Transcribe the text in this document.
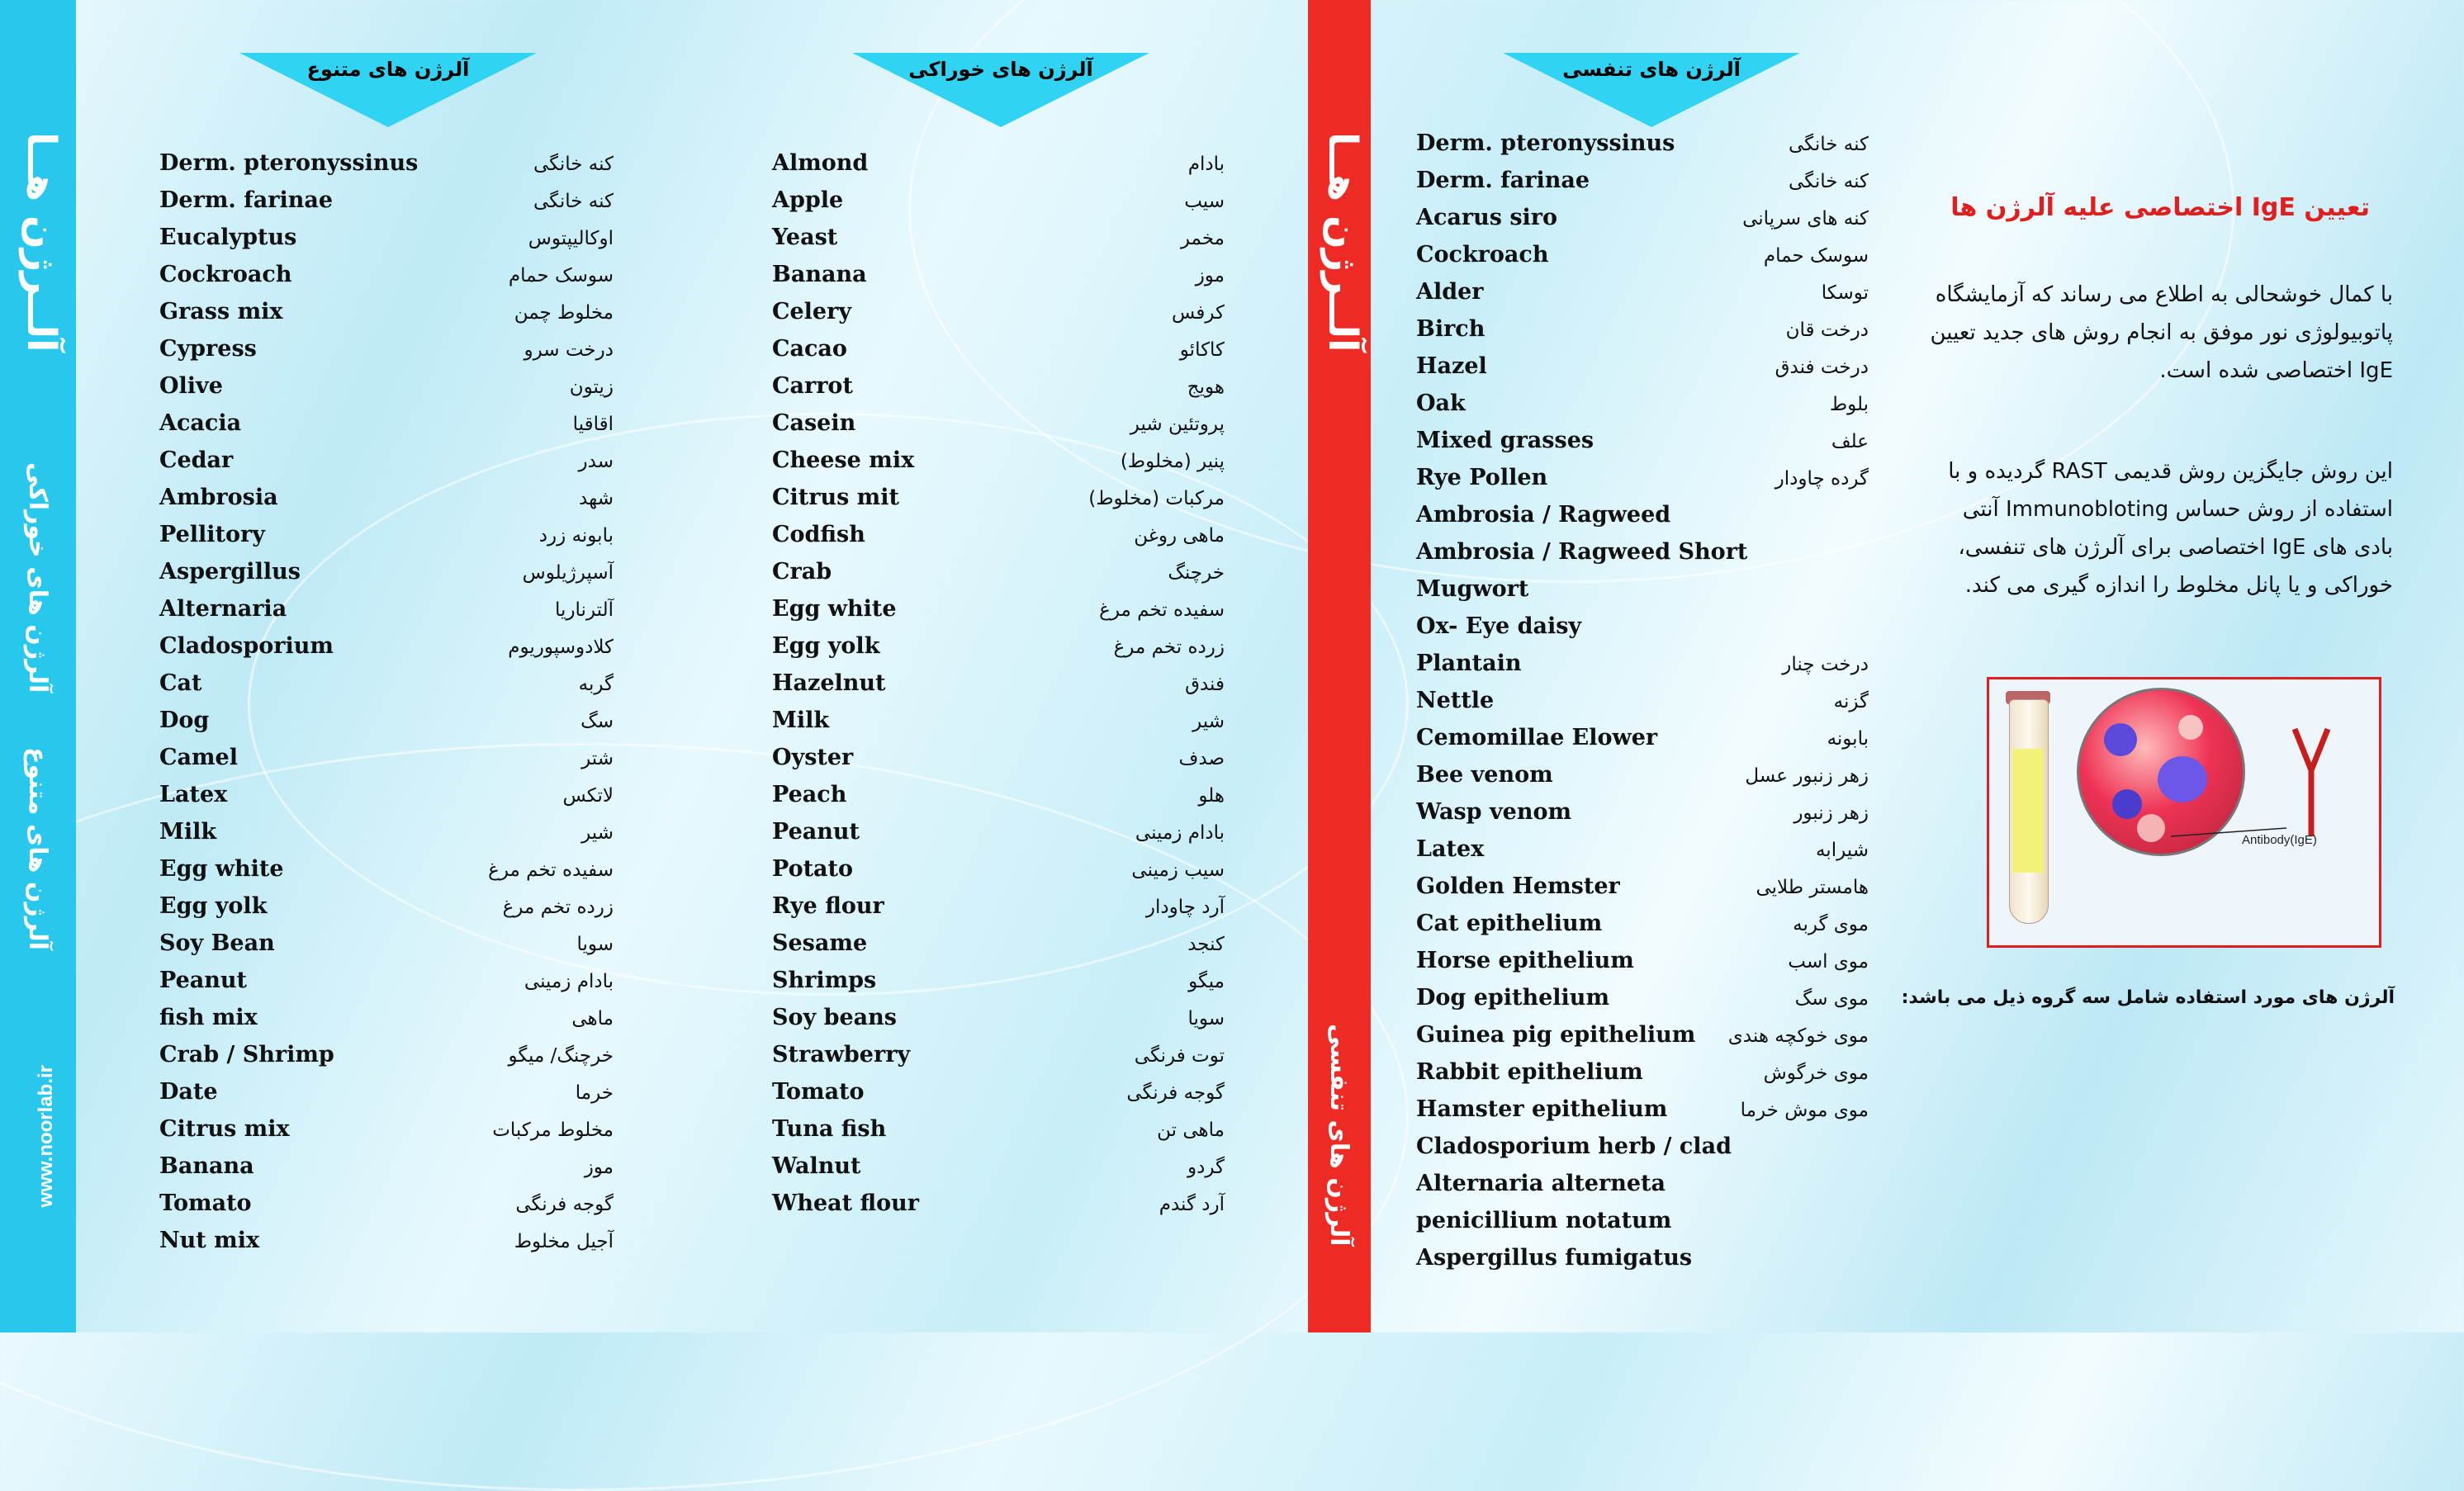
آلــرژن هــا
آلرژن های خوراکی
آلرژن های متنوع
www.noorlab.ir
آلــرژن هــا
آلرژن های تنفسی
آلرژن های متنوع	آلرژن های خوراکی	آلرژن های تنفسی
Derm. pteronyssinus	کنه خانگی
Derm. farinae	کنه خانگی
Eucalyptus	اوکالیپتوس
Cockroach	سوسک حمام
Grass mix	مخلوط چمن
Cypress	درخت سرو
Olive	زیتون
Acacia	اقاقیا
Cedar	سدر
Ambrosia	شهد
Pellitory	بابونه زرد
Aspergillus	آسپرژیلوس
Alternaria	آلترناریا
Cladosporium	کلادوسپوریوم
Cat	گربه
Dog	سگ
Camel	شتر
Latex	لاتکس
Milk	شیر
Egg white	سفیده تخم مرغ
Egg yolk	زرده تخم مرغ
Soy Bean	سویا
Peanut	بادام زمینی
fish mix	ماهی
Crab / Shrimp	خرچنگ/ میگو
Date	خرما
Citrus mix	مخلوط مرکبات
Banana	موز
Tomato	گوجه فرنگی
Nut mix	آجیل مخلوط
Almond	بادام
Apple	سیب
Yeast	مخمر
Banana	موز
Celery	کرفس
Cacao	کاکائو
Carrot	هویج
Casein	پروتئین شیر
Cheese mix	پنیر (مخلوط)
Citrus mit	مرکبات (مخلوط)
Codfish	ماهی روغن
Crab	خرچنگ
Egg white	سفیده تخم مرغ
Egg yolk	زرده تخم مرغ
Hazelnut	فندق
Milk	شیر
Oyster	صدف
Peach	هلو
Peanut	بادام زمینی
Potato	سیب زمینی
Rye flour	آرد چاودار
Sesame	کنجد
Shrimps	میگو
Soy beans	سویا
Strawberry	توت فرنگی
Tomato	گوجه فرنگی
Tuna fish	ماهی تن
Walnut	گردو
Wheat flour	آرد گندم
Derm. pteronyssinus	کنه خانگی
Derm. farinae	کنه خانگی
Acarus siro	کنه های سرپانی
Cockroach	سوسک حمام
Alder	توسکا
Birch	درخت قان
Hazel	درخت فندق
Oak	بلوط
Mixed grasses	علف
Rye Pollen	گرده چاودار
Ambrosia / Ragweed
Ambrosia / Ragweed Short
Mugwort
Ox- Eye daisy
Plantain	درخت چنار
Nettle	گزنه
Cemomillae Elower	بابونه
Bee venom	زهر زنبور عسل
Wasp venom	زهر زنبور
Latex	شیرابه
Golden Hemster	هامستر طلایی
Cat epithelium	موی گربه
Horse epithelium	موی اسب
Dog epithelium	موی سگ
Guinea pig epithelium موی خوکچه هندی
Rabbit epithelium	موی خرگوش
Hamster epithelium	موی موش خرما
Cladosporium herb / clad
Alternaria alterneta
penicillium notatum
Aspergillus fumigatus
تعیین IgE اختصاصی علیه آلرژن ها
با کمال خوشحالی به اطلاع می رساند که آزمایشگاه پاتوبیولوژی نور موفق به انجام روش های جدید تعیین IgE اختصاصی شده است.
این روش جایگزین روش قدیمی RAST گردیده و با استفاده از روش حساس Immunobloting آنتی بادی های IgE اختصاصی برای آلرژن های تنفسی، خوراکی و یا پانل مخلوط را اندازه گیری می کند.
Antibody(IgE)
آلرژن های مورد استفاده شامل سه گروه ذیل می باشد:
